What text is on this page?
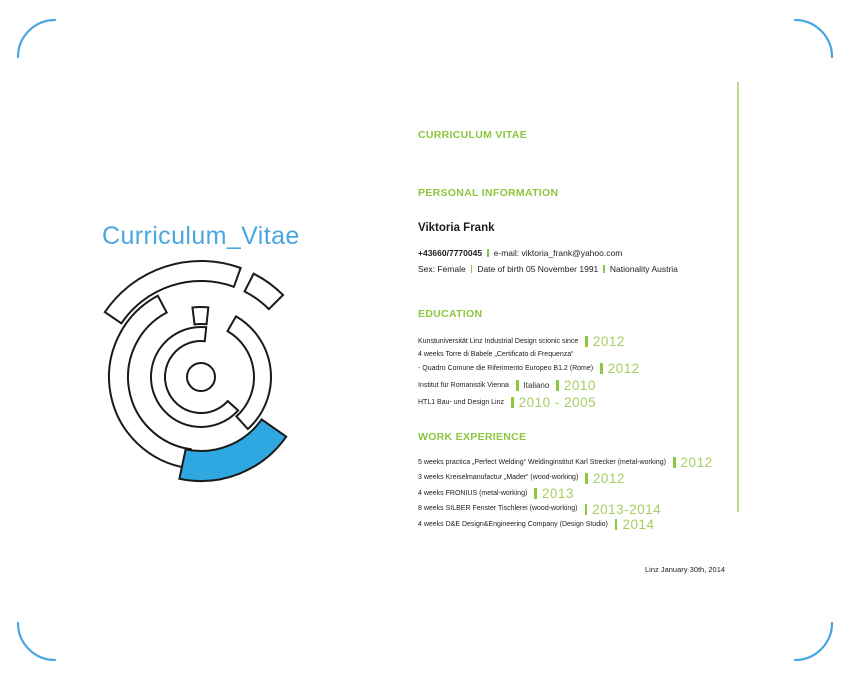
Curriculum_Vitae
CURRICULUM VITAE
PERSONAL INFORMATION
Viktoria Frank
+43660/7770045 e-mail: viktoria_frank@yahoo.com
Sex: Female Date of birth 05 November 1991 Nationality Austria
EDUCATION
Kunstuniversität Linz Industrial Design scionic since 2012
4 weeks Torre di Babele „Certificato di Frequenza“
- Quadro Comune die Riferimento Europeo B1.2 (Rome) 2012
Institut für Romanistik Vienna Italiano 2010
HTL1 Bau- und Design Linz 2010 - 2005
WORK EXPERIENCE
5 weeks practica „Perfect Welding“ Weldinginstitut Karl Strecker (metal-working) 2012
3 weeks Kreiselmanufactur „Mader“ (wood-working) 2012
4 weeks FRONIUS (metal-working) 2013
8 weeks SILBER Fenster Tischlerei (wood-working) 2013-2014
4 weeks D&E Design&Engineering Company (Design Studio) 2014
Linz January 30th, 2014
